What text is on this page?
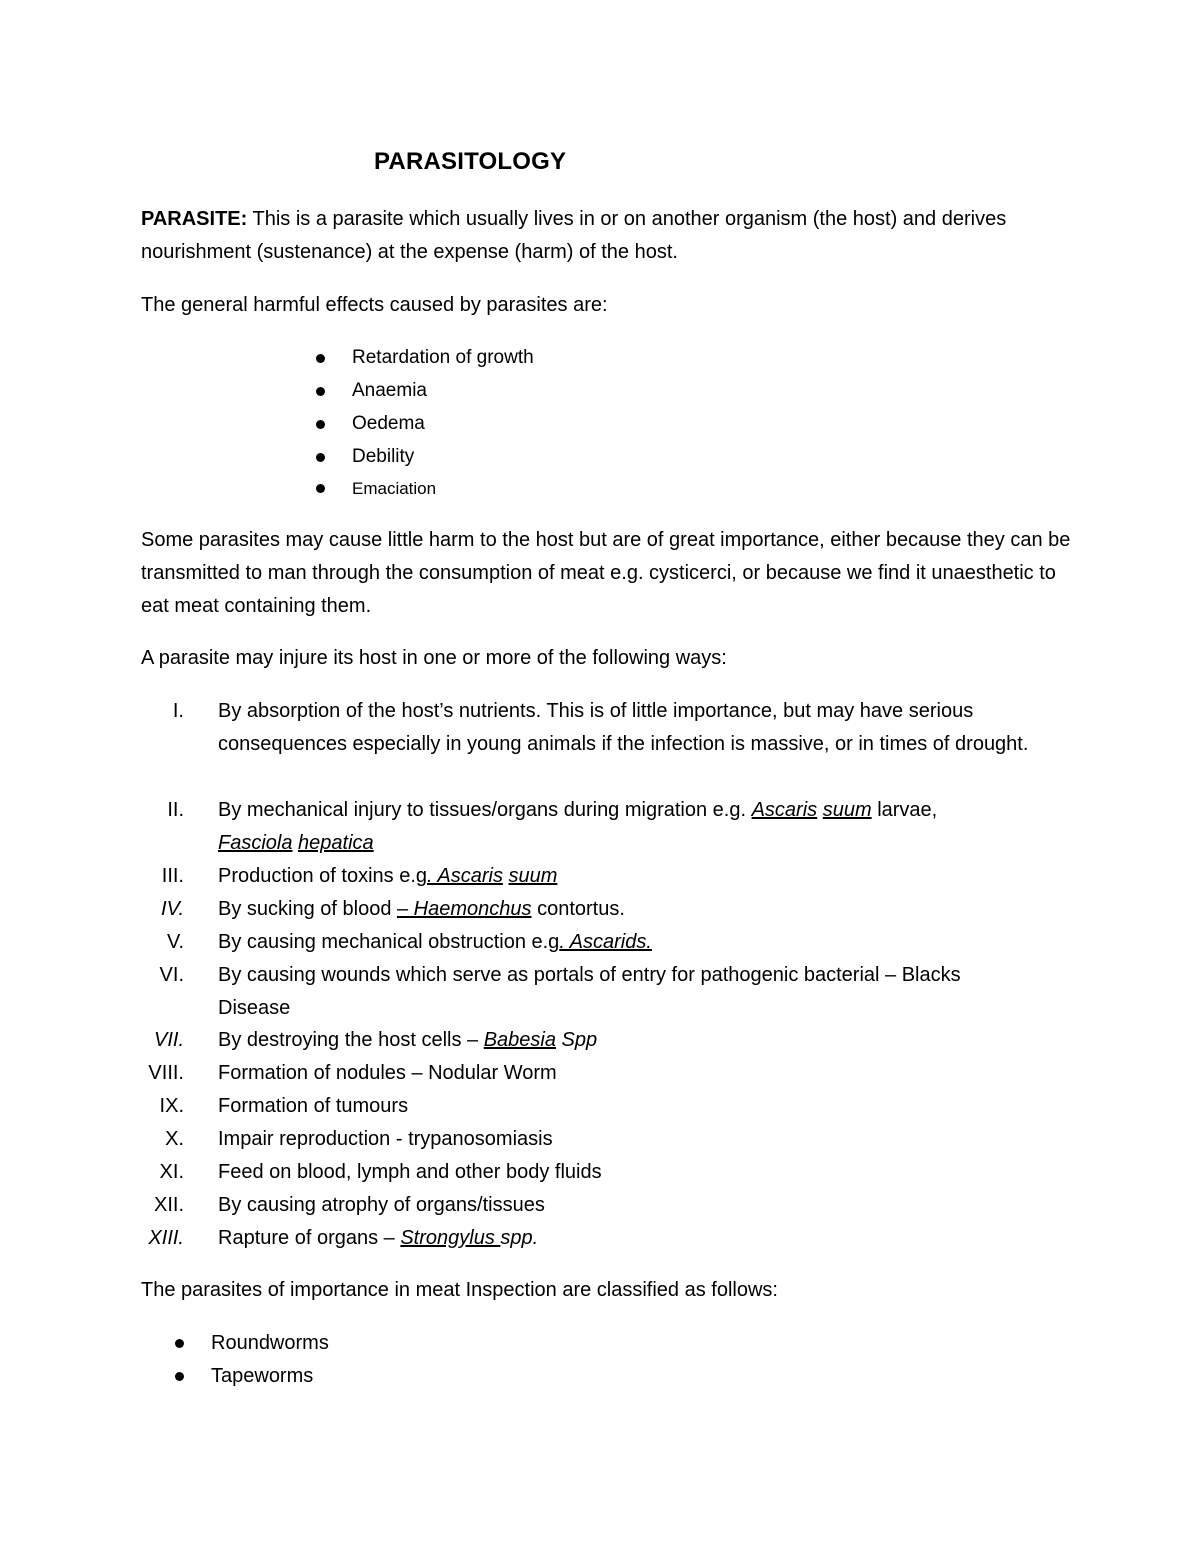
PARASITOLOGY

PARASITE: This is a parasite which usually lives in or on another organism (the host) and derives nourishment (sustenance) at the expense (harm) of the host.

The general harmful effects caused by parasites are:

Retardation of growth
Anaemia
Oedema
Debility
Emaciation

Some parasites may cause little harm to the host but are of great importance, either because they can be transmitted to man through the consumption of meat e.g. cysticerci, or because we find it unaesthetic to eat meat containing them.

A parasite may injure its host in one or more of the following ways:

I. By absorption of the host’s nutrients. This is of little importance, but may have serious consequences especially in young animals if the infection is massive, or in times of drought.
II. By mechanical injury to tissues/organs during migration e.g. Ascaris suum larvae,
Fasciola hepatica
III. Production of toxins e.g. Ascaris suum
IV. By sucking of blood – Haemonchus contortus.
V. By causing mechanical obstruction e.g. Ascarids.
VI. By causing wounds which serve as portals of entry for pathogenic bacterial – Blacks Disease
VII. By destroying the host cells – Babesia Spp
VIII. Formation of nodules – Nodular Worm
IX. Formation of tumours
X. Impair reproduction - trypanosomiasis
XI. Feed on blood, lymph and other body fluids
XII. By causing atrophy of organs/tissues
XIII. Rapture of organs – Strongylus spp.

The parasites of importance in meat Inspection are classified as follows:

Roundworms
Tapeworms
